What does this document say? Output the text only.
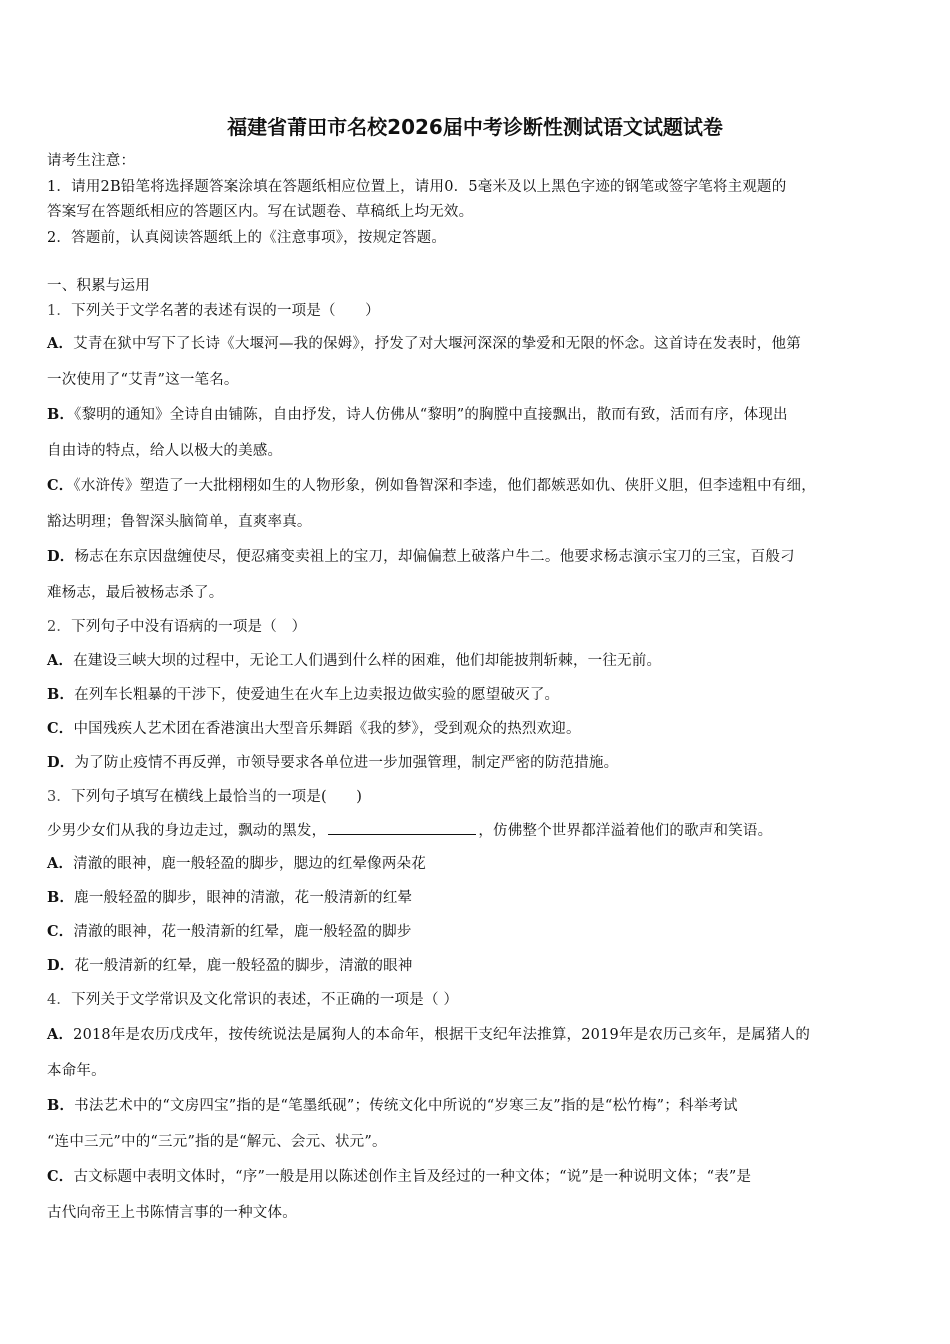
福建省莆田市名校2026届中考诊断性测试语文试题试卷
请考生注意：
1．请用2B铅笔将选择题答案涂填在答题纸相应位置上，请用0．5毫米及以上黑色字迹的钢笔或签字笔将主观题的
答案写在答题纸相应的答题区内。写在试题卷、草稿纸上均无效。
2．答题前，认真阅读答题纸上的《注意事项》，按规定答题。
一、积累与运用
1．下列关于文学名著的表述有误的一项是（　　）
A．艾青在狱中写下了长诗《大堰河—我的保姆》，抒发了对大堰河深深的挚爱和无限的怀念。这首诗在发表时，他第
一次使用了“艾青”这一笔名。
B．《黎明的通知》全诗自由铺陈，自由抒发，诗人仿佛从“黎明”的胸膛中直接飘出，散而有致，活而有序，体现出
自由诗的特点，给人以极大的美感。
C．《水浒传》塑造了一大批栩栩如生的人物形象，例如鲁智深和李逵，他们都嫉恶如仇、侠肝义胆，但李逵粗中有细，
豁达明理；鲁智深头脑简单，直爽率真。
D．杨志在东京因盘缠使尽，便忍痛变卖祖上的宝刀，却偏偏惹上破落户牛二。他要求杨志演示宝刀的三宝，百般刁
难杨志，最后被杨志杀了。
2．下列句子中没有语病的一项是（　）
A．在建设三峡大坝的过程中，无论工人们遇到什么样的困难，他们却能披荆斩棘，一往无前。
B．在列车长粗暴的干涉下，使爱迪生在火车上边卖报边做实验的愿望破灭了。
C．中国残疾人艺术团在香港演出大型音乐舞蹈《我的梦》，受到观众的热烈欢迎。
D．为了防止疫情不再反弹，市领导要求各单位进一步加强管理，制定严密的防范措施。
3．下列句子填写在横线上最恰当的一项是(　　)
少男少女们从我的身边走过，飘动的黑发，	，仿佛整个世界都洋溢着他们的歌声和笑语。
A．清澈的眼神，鹿一般轻盈的脚步，腮边的红晕像两朵花
B．鹿一般轻盈的脚步，眼神的清澈，花一般清新的红晕
C．清澈的眼神，花一般清新的红晕，鹿一般轻盈的脚步
D．花一般清新的红晕，鹿一般轻盈的脚步，清澈的眼神
4．下列关于文学常识及文化常识的表述，不正确的一项是（ ）
A．2018年是农历戊戌年，按传统说法是属狗人的本命年，根据干支纪年法推算，2019年是农历己亥年，是属猪人的
本命年。
B．书法艺术中的“文房四宝”指的是“笔墨纸砚”；传统文化中所说的“岁寒三友”指的是“松竹梅”；科举考试
“连中三元”中的“三元”指的是“解元、会元、状元”。
C．古文标题中表明文体时，“序”一般是用以陈述创作主旨及经过的一种文体；“说”是一种说明文体；“表”是
古代向帝王上书陈情言事的一种文体。
